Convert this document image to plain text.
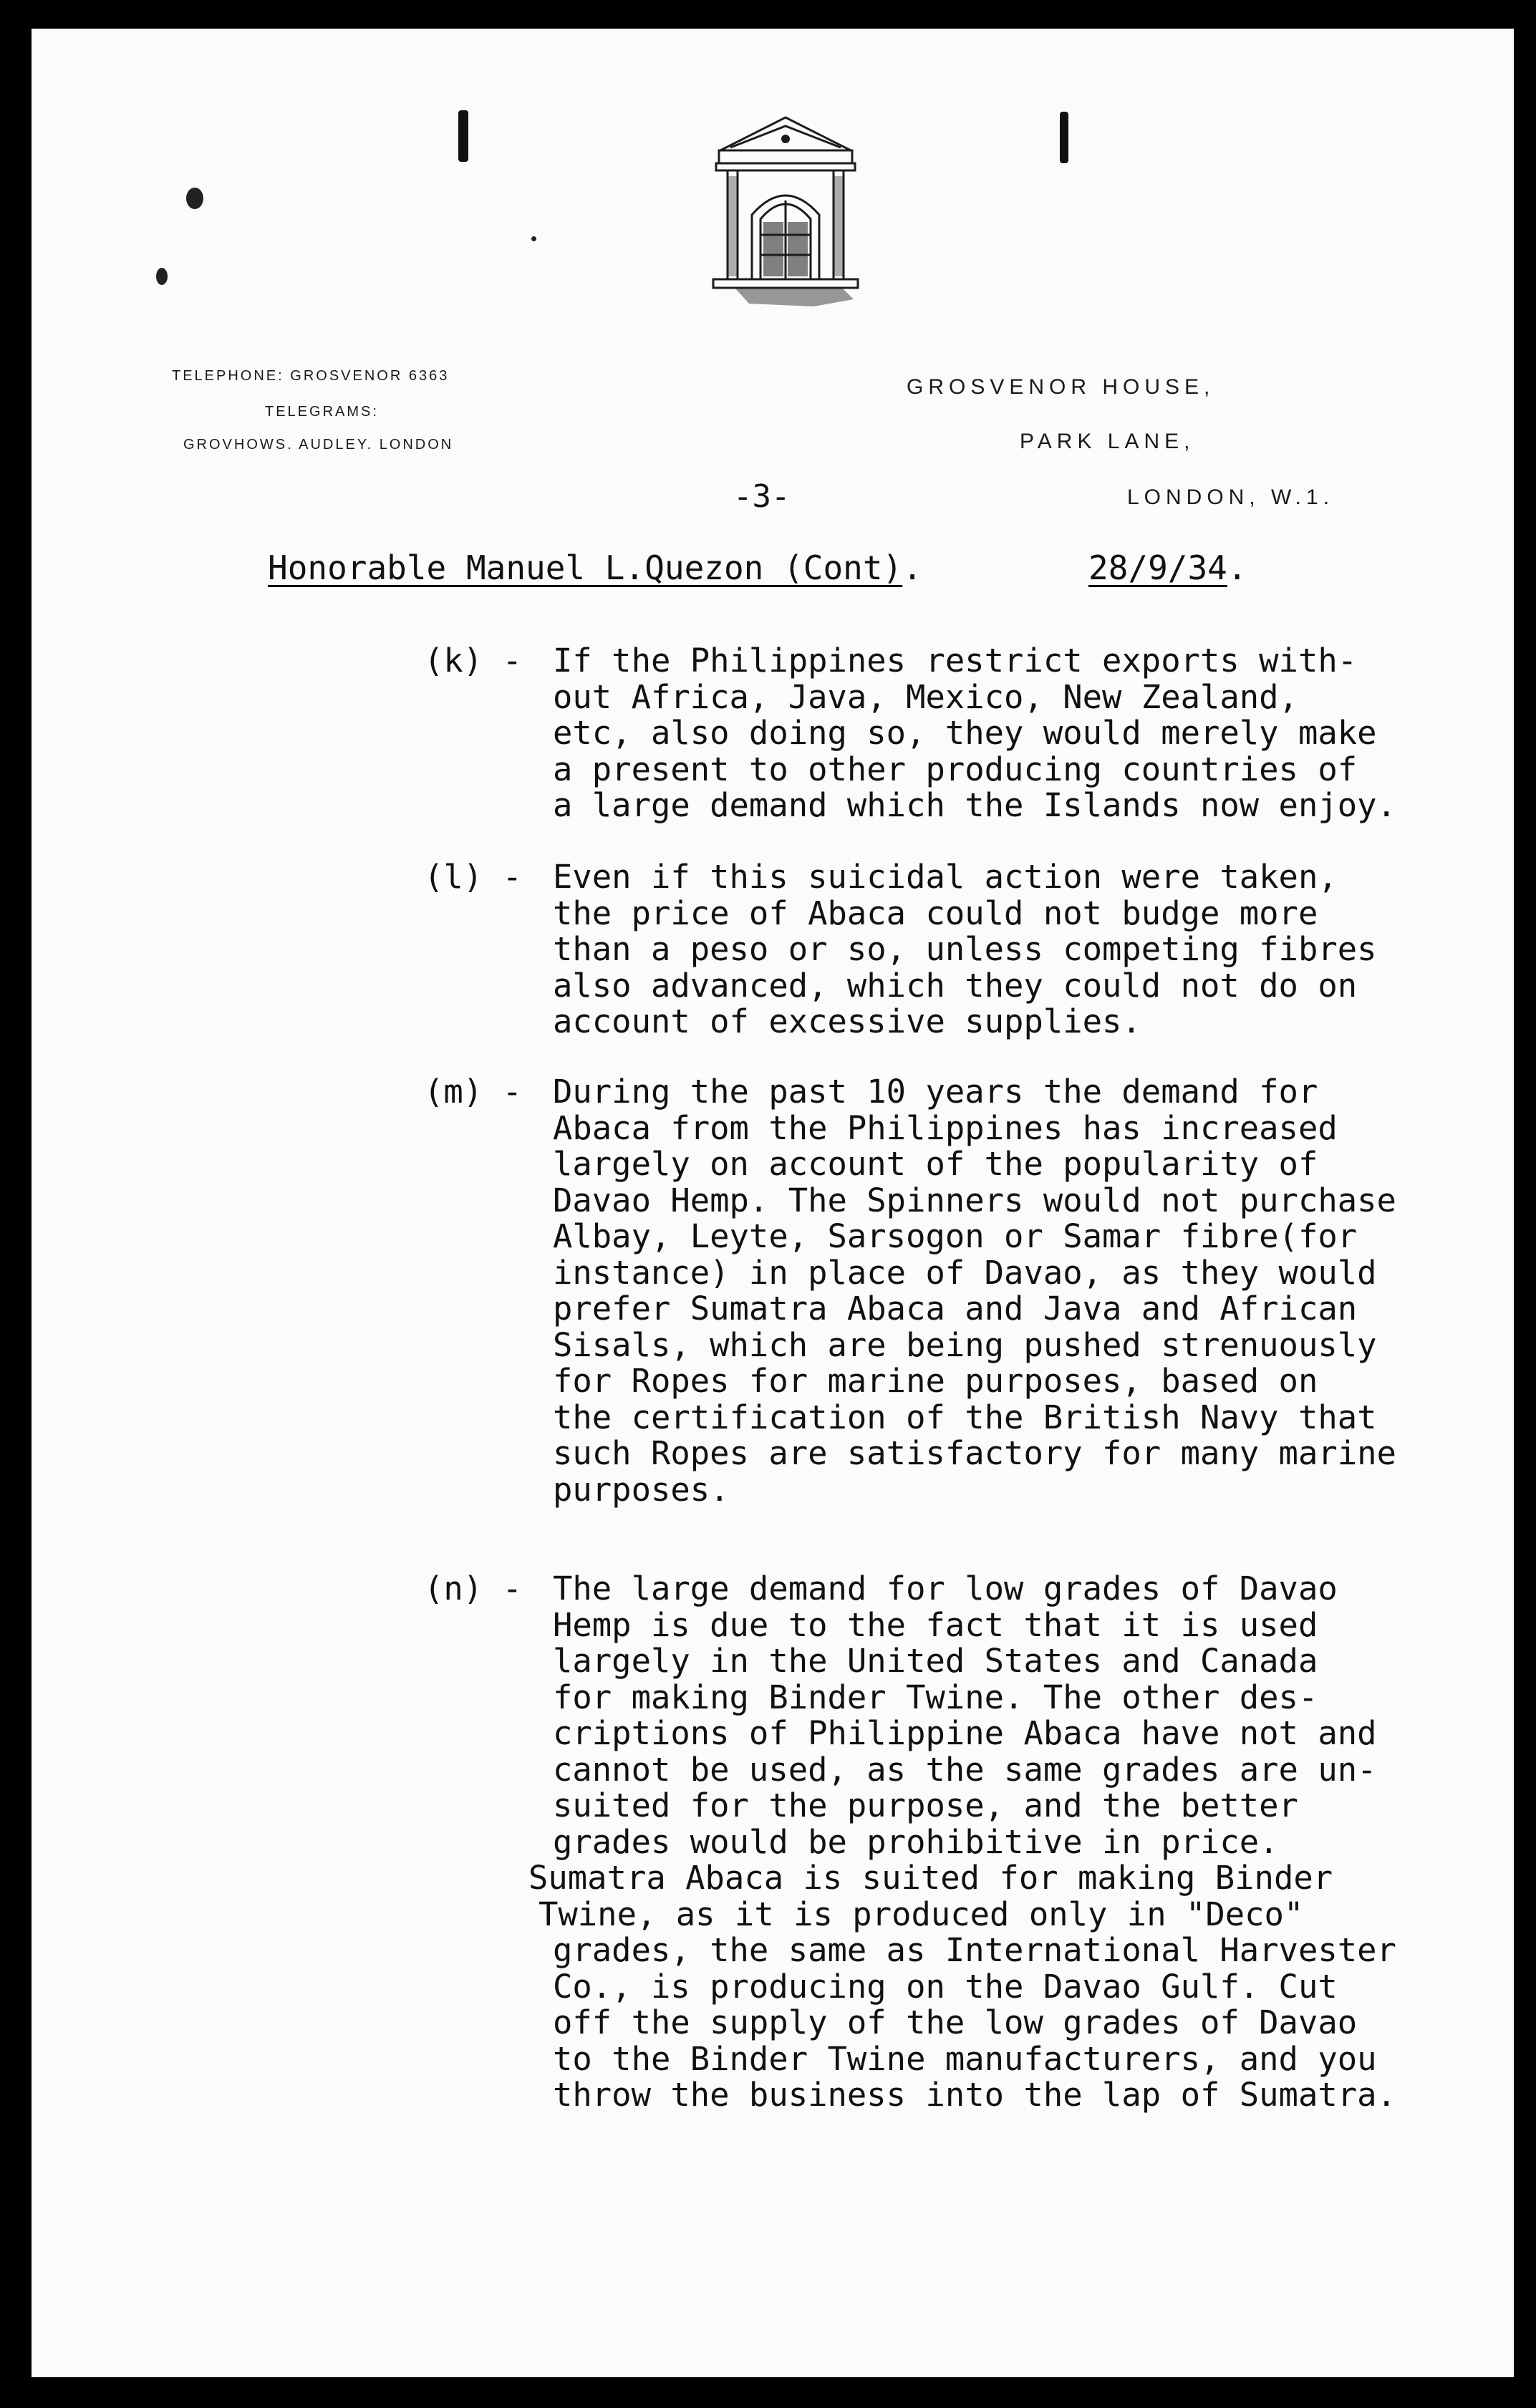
TELEPHONE: GROSVENOR 6363
TELEGRAMS:
GROVHOWS. AUDLEY. LONDON
GROSVENOR HOUSE,
PARK LANE,
LONDON, W.1.
-3-
Honorable Manuel L.Quezon (Cont).	28/9/34.
(k) - If the Philippines restrict exports with-
out Africa, Java, Mexico, New Zealand,
etc, also doing so, they would merely make
a present to other producing countries of
a large demand which the Islands now enjoy.
(l) - Even if this suicidal action were taken,
the price of Abaca could not budge more
than a peso or so, unless competing fibres
also advanced, which they could not do on
account of excessive supplies.
(m) - During the past 10 years the demand for
Abaca from the Philippines has increased
largely on account of the popularity of
Davao Hemp. The Spinners would not purchase
Albay, Leyte, Sarsogon or Samar fibre(for
instance) in place of Davao, as they would
prefer Sumatra Abaca and Java and African
Sisals, which are being pushed strenuously
for Ropes for marine purposes, based on
the certification of the British Navy that
such Ropes are satisfactory for many marine
purposes.
(n) - The large demand for low grades of Davao
Hemp is due to the fact that it is used
largely in the United States and Canada
for making Binder Twine. The other des-
criptions of Philippine Abaca have not and
cannot be used, as the same grades are un-
suited for the purpose, and the better
grades would be prohibitive in price.
Sumatra Abaca is suited for making Binder
Twine, as it is produced only in "Deco"
grades, the same as International Harvester
Co., is producing on the Davao Gulf. Cut
off the supply of the low grades of Davao
to the Binder Twine manufacturers, and you
throw the business into the lap of Sumatra.
